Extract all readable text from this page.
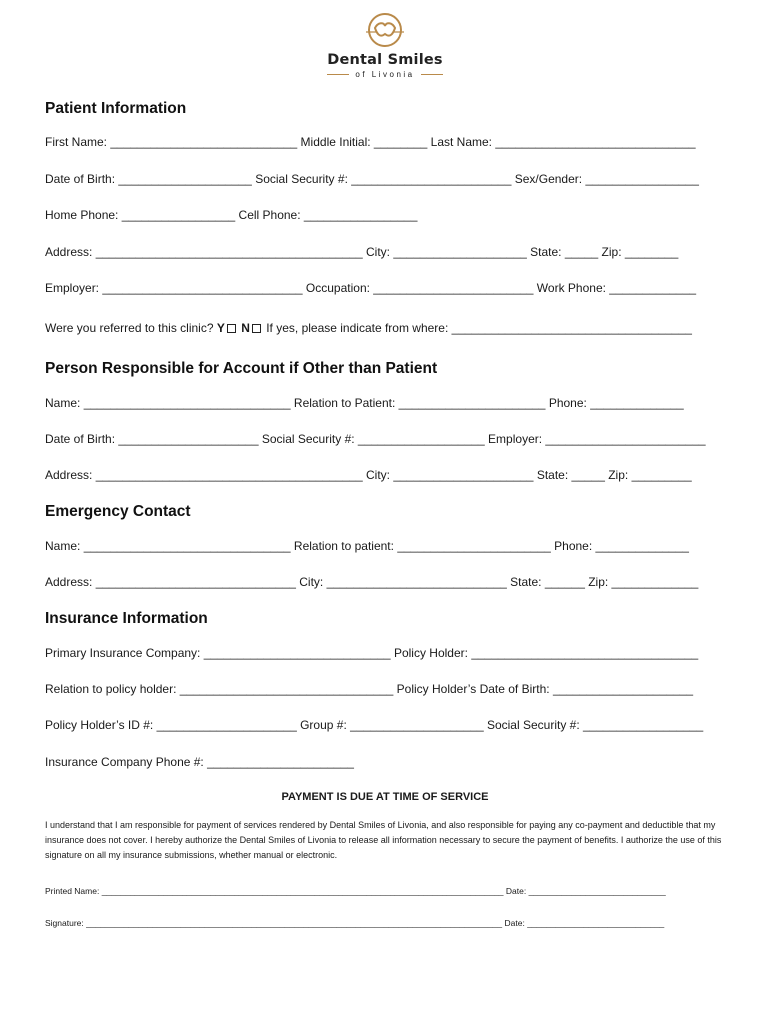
Dental Smiles
of Livonia
Patient Information
First Name: ____________________________ Middle Initial: ________ Last Name: ______________________________
Date of Birth: ____________________ Social Security #: ________________________ Sex/Gender: _________________
Home Phone: _________________ Cell Phone: _________________
Address: ________________________________________ City: ____________________ State: _____ Zip: ________
Employer: ______________________________ Occupation: ________________________ Work Phone: _____________
Were you referred to this clinic? Y N If yes, please indicate from where: ____________________________________
Person Responsible for Account if Other than Patient
Name: _______________________________ Relation to Patient: ______________________ Phone: ______________
Date of Birth: _____________________ Social Security #: ___________________ Employer: ________________________
Address: ________________________________________ City: _____________________ State: _____ Zip: _________
Emergency Contact
Name: _______________________________ Relation to patient: _______________________ Phone: ______________
Address: ______________________________ City: ___________________________ State: ______ Zip: _____________
Insurance Information
Primary Insurance Company: ____________________________ Policy Holder: __________________________________
Relation to policy holder: ________________________________ Policy Holder’s Date of Birth: _____________________
Policy Holder’s ID #: _____________________ Group #: ____________________ Social Security #: __________________
Insurance Company Phone #: ______________________
PAYMENT IS DUE AT TIME OF SERVICE
I understand that I am responsible for payment of services rendered by Dental Smiles of Livonia, and also responsible for paying any co-payment and deductible that my insurance does not cover. I hereby authorize the Dental Smiles of Livonia to release all information necessary to secure the payment of benefits. I authorize the use of this signature on all my insurance submissions, whether manual or electronic.
Printed Name: _____________________________________________________________________________________ Date: _____________________________
Signature: ________________________________________________________________________________________ Date: _____________________________
